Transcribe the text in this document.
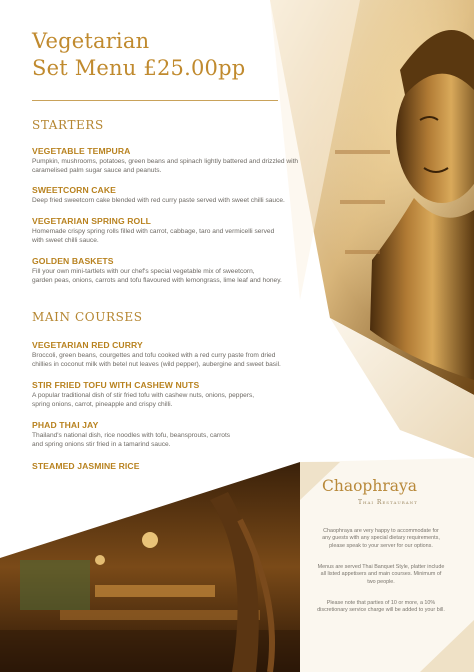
Vegetarian
Set Menu £25.00pp
STARTERS
VEGETABLE TEMPURA
Pumpkin, mushrooms, potatoes, green beans and spinach lightly battered and drizzled with
caramelised palm sugar sauce and peanuts.
SWEETCORN CAKE
Deep fried sweetcorn cake blended with red curry paste served with sweet chilli sauce.
VEGETARIAN SPRING ROLL
Homemade crispy spring rolls filled with carrot, cabbage, taro and vermicelli served
with sweet chilli sauce.
GOLDEN BASKETS
Fill your own mini-tartlets with our chef's special vegetable mix of sweetcorn,
garden peas, onions, carrots and tofu flavoured with lemongrass, lime leaf and honey.
MAIN COURSES
VEGETARIAN RED CURRY
Broccoli, green beans, courgettes and tofu cooked with a red curry paste from dried
chillies in coconut milk with betel nut leaves (wild pepper), aubergine and sweet basil.
STIR FRIED TOFU WITH CASHEW NUTS
A popular traditional dish of stir fried tofu with cashew nuts, onions, peppers,
spring onions, carrot, pineapple and crispy chilli.
PHAD THAI JAY
Thailand's national dish, rice noodles with tofu, beansprouts, carrots
and spring onions stir fried in a tamarind sauce.
STEAMED JASMINE RICE
Chaophraya
Thai Restaurant
Chaophraya are very happy to accommodate for
any guests with any special dietary requirements,
please speak to your server for our options.
Menus are served Thai Banquet Style, platter include
all listed appetisers and main courses. Minimum of
two people.
Please note that parties of 10 or more, a 10%
discretionary service charge will be added to your bill.
